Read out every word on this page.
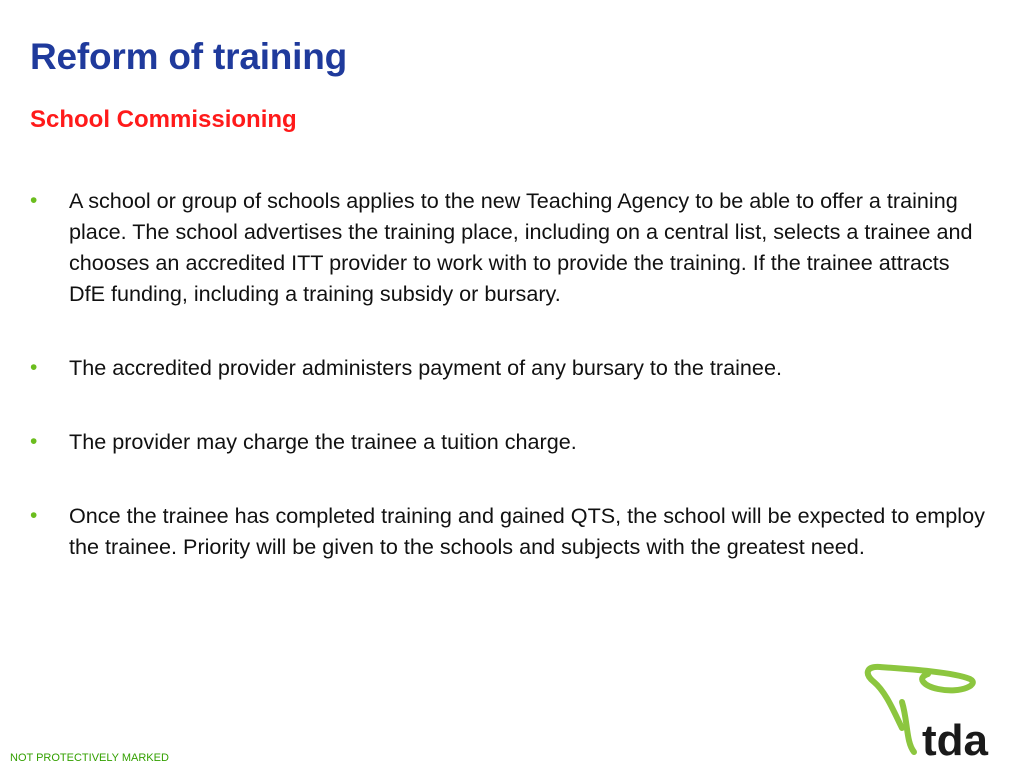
Reform of training
School Commissioning
• A school or group of schools applies to the new Teaching Agency to be able to offer a training place. The school advertises the training place, including on a central list, selects a trainee and chooses an accredited ITT provider to work with to provide the training. If the trainee attracts DfE funding, including a training subsidy or bursary.
• The accredited provider administers payment of any bursary to the trainee.
• The provider may charge the trainee a tuition charge.
• Once the trainee has completed training and gained QTS, the school will be expected to employ the trainee. Priority will be given to the schools and subjects with the greatest need.
NOT PROTECTIVELY MARKED	tda
